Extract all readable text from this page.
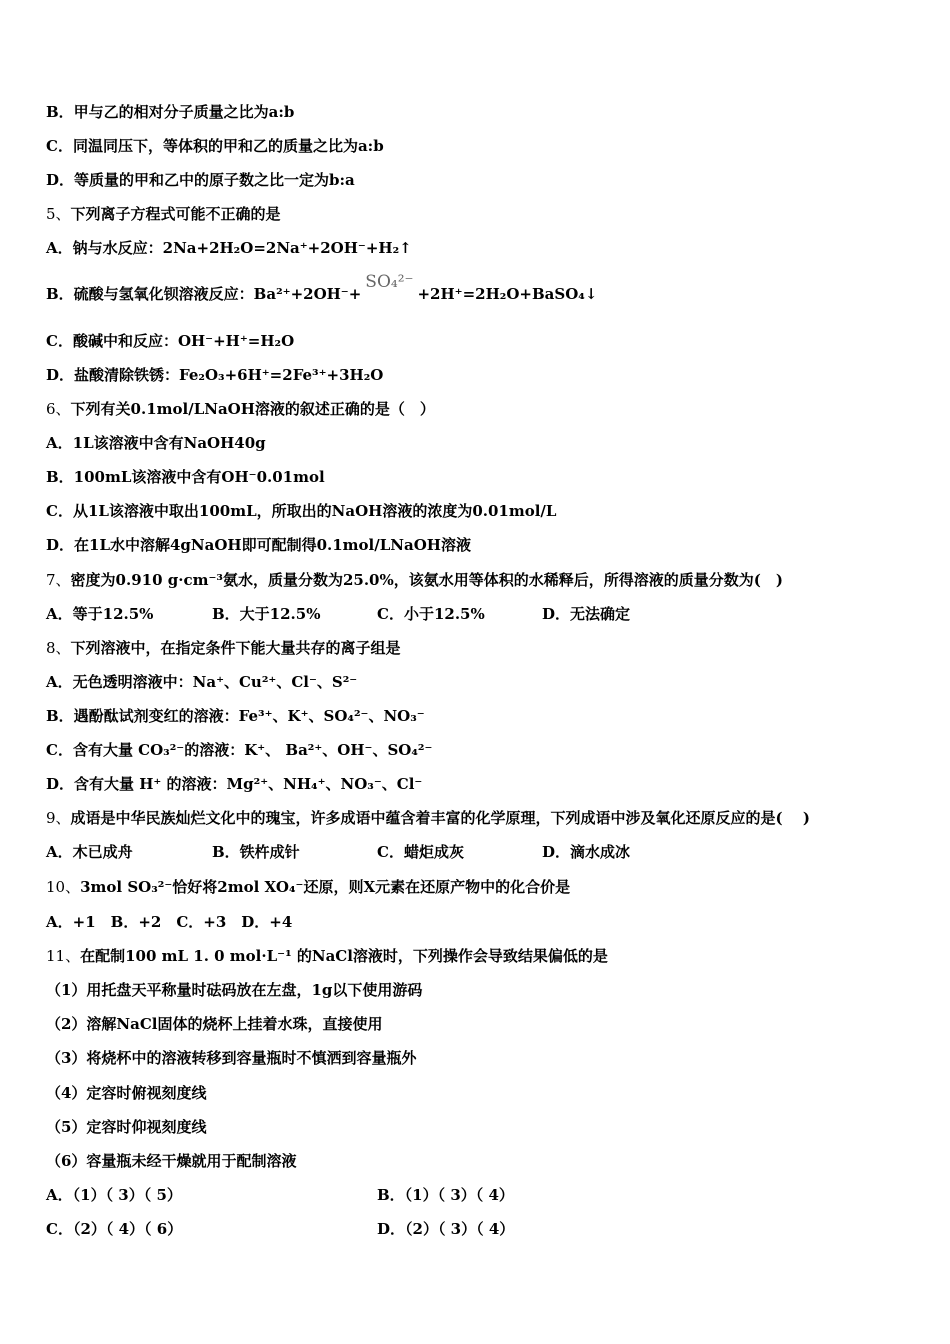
B．甲与乙的相对分子质量之比为a:b
C．同温同压下，等体积的甲和乙的质量之比为a:b
D．等质量的甲和乙中的原子数之比一定为b:a
5、下列离子方程式可能不正确的是
A．钠与水反应：2Na+2H₂O=2Na⁺+2OH⁻+H₂↑
B．硫酸与氢氧化钡溶液反应：Ba²⁺+2OH⁻+SO₄²⁻+2H⁺=2H₂O+BaSO₄↓
C．酸碱中和反应：OH⁻+H⁺=H₂O
D．盐酸清除铁锈：Fe₂O₃+6H⁺=2Fe³⁺+3H₂O
6、下列有关0.1mol/LNaOH溶液的叙述正确的是（　）
A．1L该溶液中含有NaOH40g
B．100mL该溶液中含有OH⁻0.01mol
C．从1L该溶液中取出100mL，所取出的NaOH溶液的浓度为0.01mol/L
D．在1L水中溶解4gNaOH即可配制得0.1mol/LNaOH溶液
7、密度为0.910 g·cm⁻³氨水，质量分数为25.0%，该氨水用等体积的水稀释后，所得溶液的质量分数为(　)
A．等于12.5%	B．大于12.5%	C．小于12.5%	D．无法确定
8、下列溶液中，在指定条件下能大量共存的离子组是
A．无色透明溶液中：Na⁺、Cu²⁺、Cl⁻、S²⁻
B．遇酚酞试剂变红的溶液：Fe³⁺、K⁺、SO₄²⁻、NO₃⁻
C．含有大量 CO₃²⁻的溶液：K⁺、 Ba²⁺、OH⁻、SO₄²⁻
D．含有大量 H⁺ 的溶液：Mg²⁺、NH₄⁺、NO₃⁻、Cl⁻
9、成语是中华民族灿烂文化中的瑰宝，许多成语中蕴含着丰富的化学原理，下列成语中涉及氧化还原反应的是(　 )
A．木已成舟	B．铁杵成针	C．蜡炬成灰	D．滴水成冰
10、3mol SO₃²⁻恰好将2mol XO₄⁻还原，则X元素在还原产物中的化合价是
A．+1　B．+2　C．+3　D．+4
11、在配制100 mL 1. 0 mol·L⁻¹ 的NaCl溶液时，下列操作会导致结果偏低的是
（1）用托盘天平称量时砝码放在左盘，1g以下使用游码
（2）溶解NaCl固体的烧杯上挂着水珠，直接使用
（3）将烧杯中的溶液转移到容量瓶时不慎洒到容量瓶外
（4）定容时俯视刻度线
（5）定容时仰视刻度线
（6）容量瓶未经干燥就用于配制溶液
A．（1）（ 3）（ 5）	B．（1）（ 3）（ 4）
C．（2）（ 4）（ 6）	D．（2）（ 3）（ 4）
